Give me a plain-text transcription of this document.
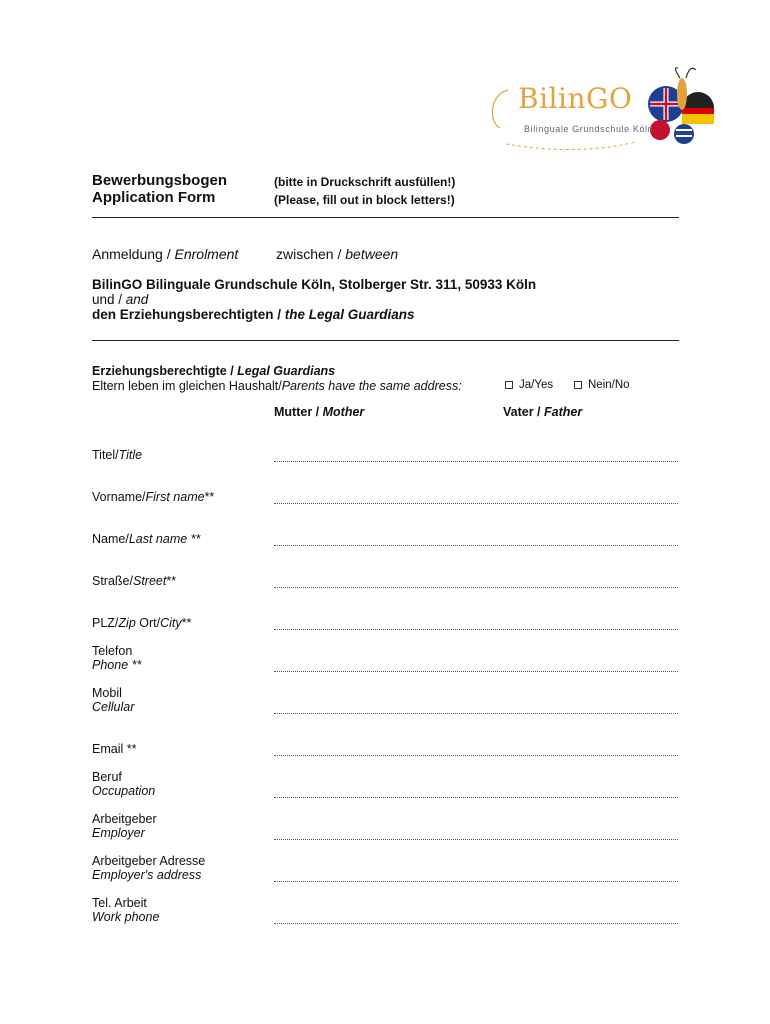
BilinGO
Bilinguale Grundschule Köln
Bewerbungsbogen
Application Form
(bitte in Druckschrift ausfüllen!)
(Please, fill out in block letters!)
Anmeldung / Enrolment	zwischen / between
BilinGO Bilinguale Grundschule Köln, Stolberger Str. 311, 50933 Köln
und / and
den Erziehungsberechtigten / the Legal Guardians
Erziehungsberechtigte / Legal Guardians
Eltern leben im gleichen Haushalt/Parents have the same address:	Ja/Yes	Nein/No
Mutter / Mother	Vater / Father
Titel/Title
Vorname/First name**
Name/Last name **
Straße/Street**
PLZ/Zip Ort/City**
Telefon
Phone **
Mobil
Cellular
Email **
Beruf
Occupation
Arbeitgeber
Employer
Arbeitgeber Adresse
Employer's address
Tel. Arbeit
Work phone
